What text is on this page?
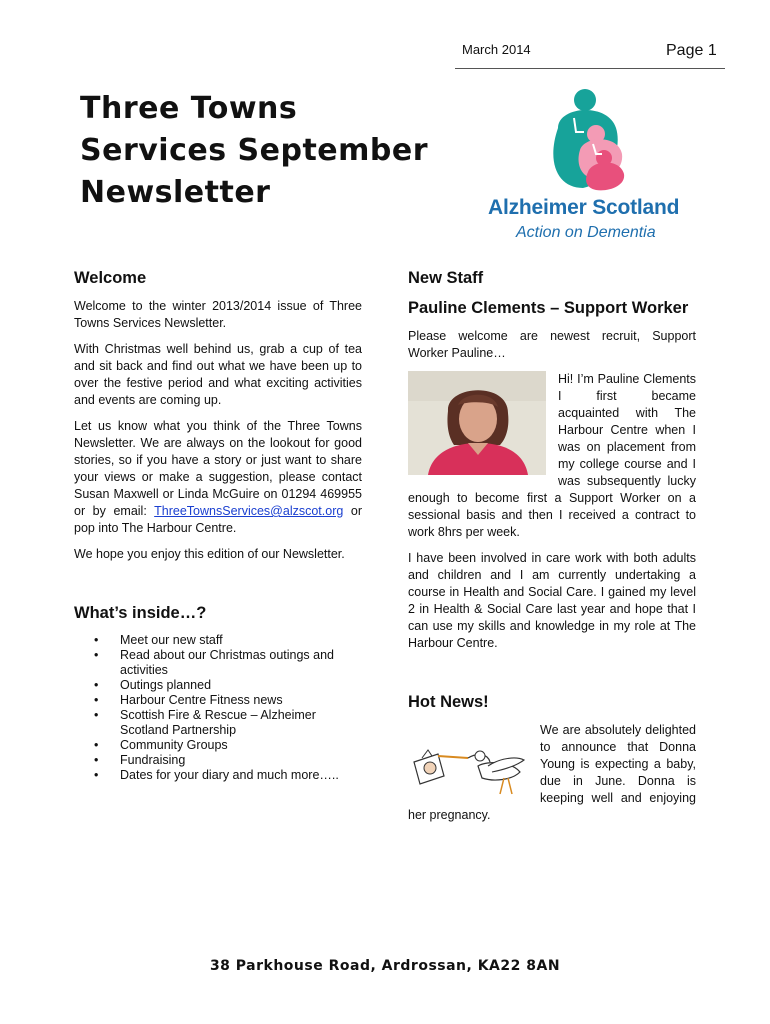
March 2014	Page 1
Three Towns
Services September
Newsletter	Alzheimer Scotland
Action on Dementia
Welcome

Welcome to the winter 2013/2014 issue of Three Towns Services Newsletter.

With Christmas well behind us, grab a cup of tea and sit back and find out what we have been up to over the festive period and what exciting activities and events are coming up.

Let us know what you think of the Three Towns Newsletter. We are always on the lookout for good stories, so if you have a story or just want to share your views or make a suggestion, please contact Susan Maxwell or Linda McGuire on 01294 469955 or by email: ThreeTownsServices@alzscot.org or pop into The Harbour Centre.

We hope you enjoy this edition of our Newsletter.

What’s inside…?
• Meet our new staff
• Read about our Christmas outings and activities
• Outings planned
• Harbour Centre Fitness news
• Scottish Fire & Rescue – Alzheimer Scotland Partnership
• Community Groups
• Fundraising
• Dates for your diary and much more…..
New Staff
Pauline Clements – Support Worker

Please welcome are newest recruit, Support Worker Pauline…

Hi! I’m Pauline Clements I first became acquainted with The Harbour Centre when I was on placement from my college course and I was subsequently lucky enough to become first a Support Worker on a sessional basis and then I received a contract to work 8hrs per week.

I have been involved in care work with both adults and children and I am currently undertaking a course in Health and Social Care. I gained my level 2 in Health & Social Care last year and hope that I can use my skills and knowledge in my role at The Harbour Centre.

Hot News!

We are absolutely delighted to announce that Donna Young is expecting a baby, due in June. Donna is keeping well and enjoying her pregnancy.

38 Parkhouse Road, Ardrossan, KA22 8AN
